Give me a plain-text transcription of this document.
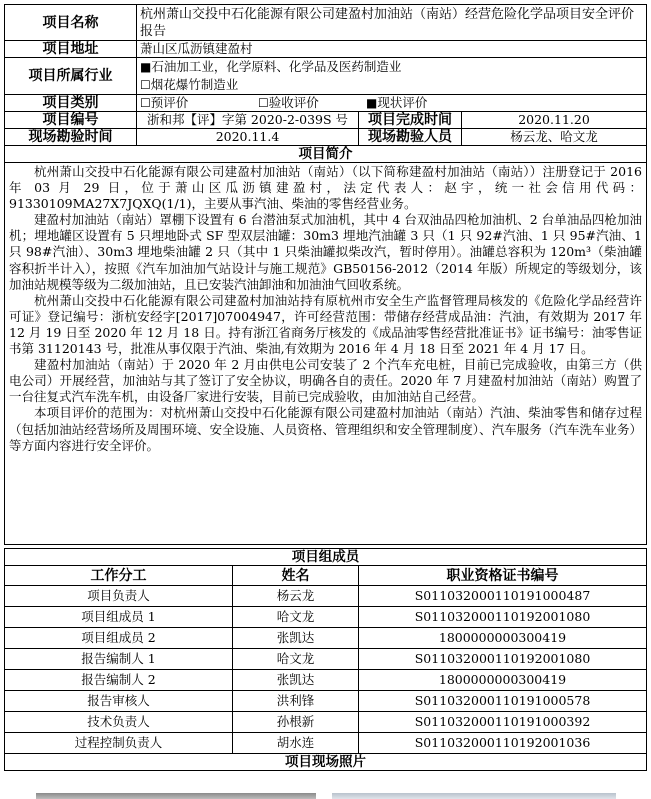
项目名称	杭州萧山交投中石化能源有限公司建盈村加油站（南站）经营危险化学品项目安全评价报告		
项目地址	萧山区瓜沥镇建盈村		
项目所属行业	■石油加工业，化学原料、化学品及医药制造业
☐烟花爆竹制造业		

项目类别	☐预评价 ☐验收评价 ■现状评价		
项目编号	浙和邦【评】字第 2020-2-039S 号	项目完成时间	2020.11.20
现场勘验时间	2020.11.4	现场勘验人员	杨云龙、哈文龙
项目简介			

杭州萧山交投中石化能源有限公司建盈村加油站（南站）（以下简称建盈村加油站（南站））注册登记于 2016 年 03 月 29 日，位于萧山区瓜沥镇建盈村，法定代表人：赵宇，统一社会信用代码：91330109MA27X7JQXQ(1/1)，主要从事汽油、柴油的零售经营业务。

建盈村加油站（南站）罩棚下设置有 6 台潜油泵式加油机，其中 4 台双油品四枪加油机、2 台单油品四枪加油机；埋地罐区设置有 5 只埋地卧式 SF 型双层油罐：30m3 埋地汽油罐 3 只（1 只 92#汽油、1 只 95#汽油、1 只 98#汽油）、30m3 埋地柴油罐 2 只（其中 1 只柴油罐拟柴改汽，暂时停用）。油罐总容积为 120m³（柴油罐容积折半计入），按照《汽车加油加气站设计与施工规范》GB50156-2012（2014 年版）所规定的等级划分，该加油站规模等级为二级加油站，且已安装汽油卸油和加油油气回收系统。

杭州萧山交投中石化能源有限公司建盈村加油站持有原杭州市安全生产监督管理局核发的《危险化学品经营许可证》登记编号：浙杭安经字[2017]07004947，许可经营范围：带储存经营成品油：汽油，有效期为 2017 年 12 月 19 日至 2020 年 12 月 18 日。持有浙江省商务厅核发的《成品油零售经营批准证书》证书编号：油零售证书第 31120143 号，批准从事仅限于汽油、柴油,有效期为 2016 年 4 月 18 日至 2021 年 4 月 17 日。

建盈村加油站（南站）于 2020 年 2 月由供电公司安装了 2 个汽车充电桩，目前已完成验收，由第三方（供电公司）开展经营，加油站与其了签订了安全协议，明确各自的责任。2020 年 7 月建盈村加油站（南站）购置了一台往复式汽车洗车机，由设备厂家进行安装，目前已完成验收，由加油站自己经营。

本项目评价的范围为：对杭州萧山交投中石化能源有限公司建盈村加油站（南站）汽油、柴油零售和储存过程（包括加油站经营场所及周围环境、安全设施、人员资格、管理组织和安全管理制度）、汽车服务（汽车洗车业务）等方面内容进行安全评价。			

项目组成员		
工作分工	姓名	职业资格证书编号
项目负责人	杨云龙	S011032000110191000487
项目组成员 1	哈文龙	S011032000110192001080
项目组成员 2	张凯达	1800000000300419
报告编制人 1	哈文龙	S011032000110192001080
报告编制人 2	张凯达	1800000000300419
报告审核人	洪利锋	S011032000110191000578
技术负责人	孙根新	S011032000110191000392
过程控制负责人	胡水连	S011032000110192001036
项目现场照片		
